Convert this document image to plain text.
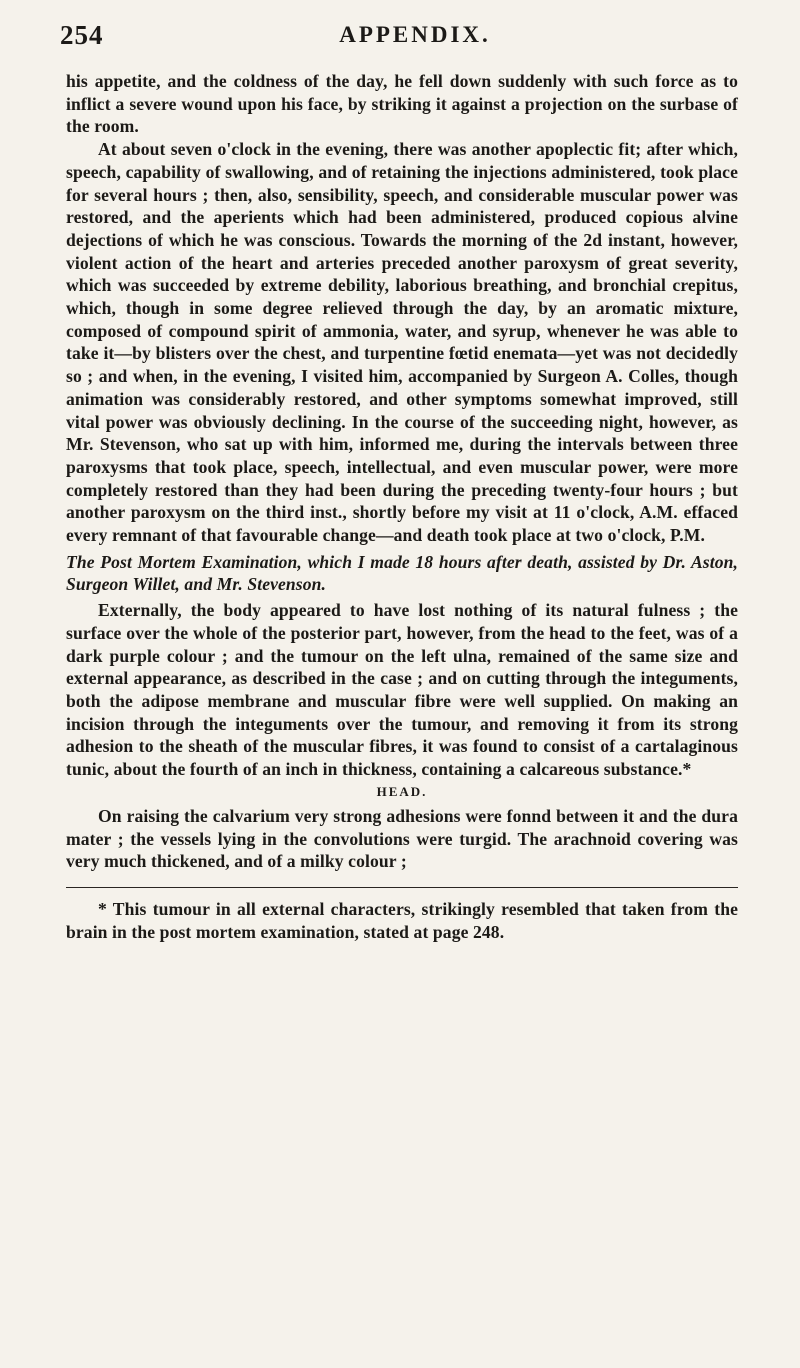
254	APPENDIX.

his appetite, and the coldness of the day, he fell down suddenly with such force as to inflict a severe wound upon his face, by striking it against a projection on the surbase of the room.

At about seven o'clock in the evening, there was another apoplectic fit; after which, speech, capability of swallowing, and of retaining the injections administered, took place for several hours ; then, also, sensibility, speech, and considerable muscular power was restored, and the aperients which had been administered, produced copious alvine dejections of which he was conscious. Towards the morning of the 2d instant, however, violent action of the heart and arteries preceded another paroxysm of great severity, which was succeeded by extreme debility, laborious breathing, and bronchial crepitus, which, though in some degree relieved through the day, by an aromatic mixture, composed of compound spirit of ammonia, water, and syrup, whenever he was able to take it—by blisters over the chest, and turpentine fœtid enemata—yet was not decidedly so ; and when, in the evening, I visited him, accompanied by Surgeon A. Colles, though animation was considerably restored, and other symptoms somewhat improved, still vital power was obviously declining. In the course of the succeeding night, however, as Mr. Stevenson, who sat up with him, informed me, during the intervals between three paroxysms that took place, speech, intellectual, and even muscular power, were more completely restored than they had been during the preceding twenty-four hours ; but another paroxysm on the third inst., shortly before my visit at 11 o'clock, A.M. effaced every remnant of that favourable change—and death took place at two o'clock, P.M.

The Post Mortem Examination, which I made 18 hours after death, assisted by Dr. Aston, Surgeon Willet, and Mr. Stevenson.

Externally, the body appeared to have lost nothing of its natural fulness ; the surface over the whole of the posterior part, however, from the head to the feet, was of a dark purple colour ; and the tumour on the left ulna, remained of the same size and external appearance, as described in the case ; and on cutting through the integuments, both the adipose membrane and muscular fibre were well supplied. On making an incision through the integuments over the tumour, and removing it from its strong adhesion to the sheath of the muscular fibres, it was found to consist of a cartalaginous tunic, about the fourth of an inch in thickness, containing a calcareous substance.*

HEAD.

On raising the calvarium very strong adhesions were fonnd between it and the dura mater ; the vessels lying in the convolutions were turgid. The arachnoid covering was very much thickened, and of a milky colour ;

* This tumour in all external characters, strikingly resembled that taken from the brain in the post mortem examination, stated at page 248.
